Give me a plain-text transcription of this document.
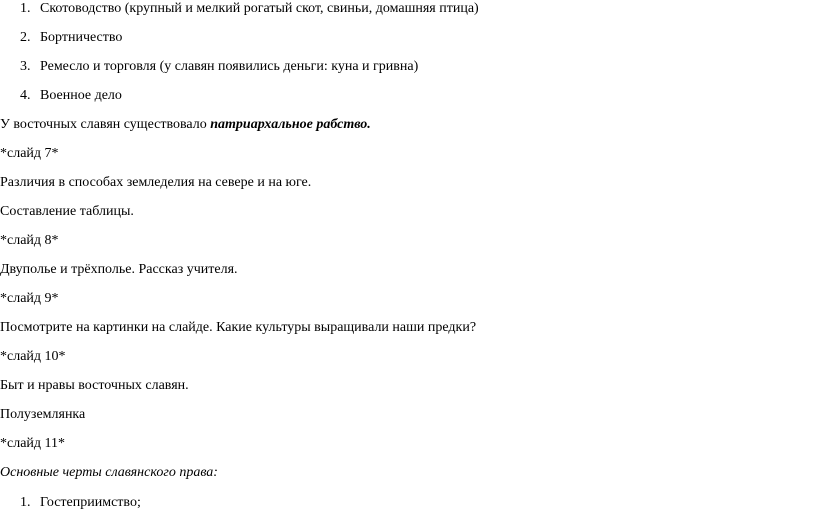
1. Скотоводство (крупный и мелкий рогатый скот, свиньи, домашняя птица)
2. Бортничество
3. Ремесло и торговля (у славян появились деньги: куна и гривна)
4. Военное дело
У восточных славян существовало патриархальное рабство.
*слайд 7*
Различия в способах земледелия на севере и на юге.
Составление таблицы.
*слайд 8*
Двуполье и трёхполье. Рассказ учителя.
*слайд 9*
Посмотрите на картинки на слайде. Какие культуры выращивали наши предки?
*слайд 10*
Быт и нравы восточных славян.
Полуземлянка
*слайд 11*
Основные черты славянского права:
1. Гостеприимство;
